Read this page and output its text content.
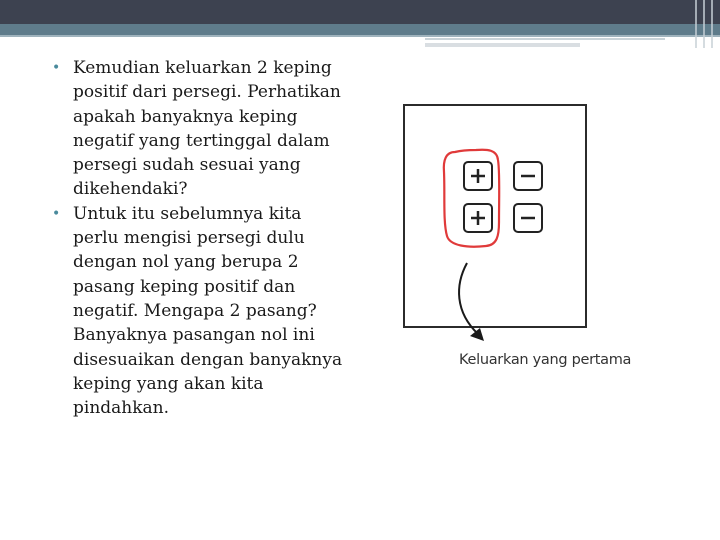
• Kemudian keluarkan 2 keping positif dari persegi. Perhatikan apakah banyaknya keping negatif yang tertinggal dalam persegi sudah sesuai yang dikehendaki?
• Untuk itu sebelumnya kita perlu mengisi persegi dulu dengan nol yang berupa 2 pasang keping positif dan negatif. Mengapa 2 pasang? Banyaknya pasangan nol ini disesuaikan dengan banyaknya keping yang akan kita pindahkan.
Keluarkan yang pertama
